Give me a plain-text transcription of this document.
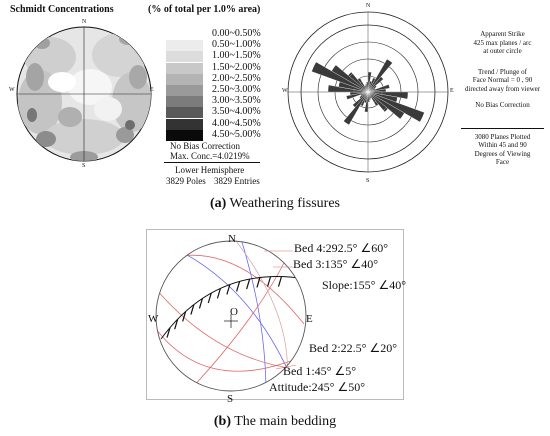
Schmidt Concentrations	(% of total per 1.0% area)
N
S
W	E
0.00~0.50%
0.50~1.00%
1.00~1.50%
1.50~2.00%
2.00~2.50%
2.50~3.00%
3.00~3.50%
3.50~4.00%
4.00~4.50%
4.50~5.00%
No Bias Correction
Max. Conc.=4.0219%
Lower Hemisphere
3829 Poles 3829 Entries
N
S
W	E
Apparent Strike
425 max planes / arc
at outer circle
Trend / Plunge of
Face Normal = 0 , 90
directed away from viewer
No Bias Correction
3080 Planes Plotted
Within 45 and 90
Degrees of Viewing
Face
(a) Weathering fissures
N
S
W	E
O
Bed 4:292.5° ∠60°
Bed 3:135° ∠40°
Slope:155° ∠40°
Bed 2:22.5° ∠20°
Bed 1:45° ∠5°
Attitude:245° ∠50°
(b) The main bedding
